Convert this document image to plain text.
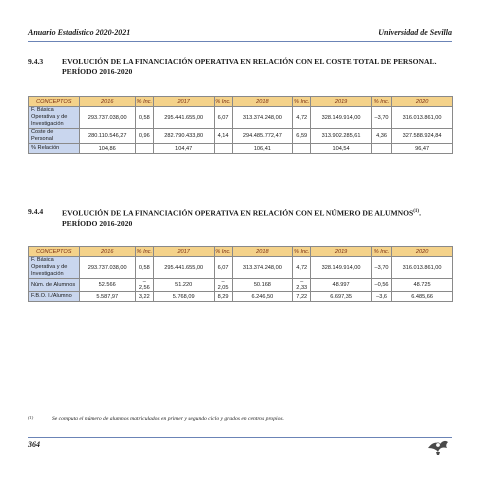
Anuario Estadístico 2020-2021	Universidad de Sevilla
9.4.3 EVOLUCIÓN DE LA FINANCIACIÓN OPERATIVA EN RELACIÓN CON EL COSTE TOTAL DE PERSONAL. PERÍODO 2016-2020
CONCEPTOS	2016	% Inc.	2017	% Inc.	2018	% Inc.	2019	% Inc.	2020
F. Básica Operativa y de Investigación	293.737.038,00	0,58	295.441.655,00	6,07	313.374.248,00	4,72	328.149.914,00	–3,70	316.013.861,00
Coste de Personal	280.110.546,27	0,96	282.790.433,80	4,14	294.485.772,47	6,59	313.902.285,61	4,36	327.588.924,84
% Relación	104,86		104,47		106,41		104,54		96,47
9.4.4 EVOLUCIÓN DE LA FINANCIACIÓN OPERATIVA EN RELACIÓN CON EL NÚMERO DE ALUMNOS$^{(1)}$.
PERÍODO 2016-2020
CONCEPTOS	2016	% Inc.	2017	% Inc.	2018	% Inc.	2019	% Inc.	2020
F. Básica Operativa y de Investigación	293.737.038,00	0,58	295.441.655,00	6,07	313.374.248,00	4,72	328.149.914,00	–3,70	316.013.861,00
Núm. de Alumnos	52.566	–2,56	51.220	–2,05	50.168	–2,33	48.997	–0,56	48.725
F.B.O. I./Alumno	5.587,97	3,22	5.768,09	8,29	6.246,50	7,22	6.697,35	–3,6	6.485,66
(1)	Se computa el número de alumnos matriculados en primer y segundo ciclo y grados en centros propios.
364
